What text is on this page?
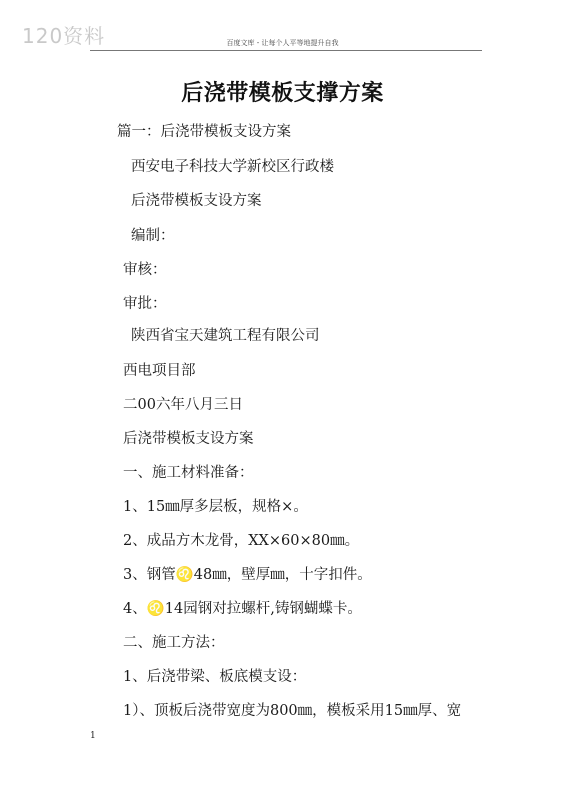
120资料	百度文库 - 让每个人平等地提升自我
后浇带模板支撑方案
篇一：后浇带模板支设方案
西安电子科技大学新校区行政楼
后浇带模板支设方案
编制：
审核：
审批：
陕西省宝天建筑工程有限公司
西电项目部
二00六年八月三日
后浇带模板支设方案
一、施工材料准备：
1、15㎜厚多层板，规格×。
2、成品方木龙骨，XX×60×80㎜。
3、钢管♌48㎜，壁厚㎜，十字扣件。
4、♌14园钢对拉螺杆,铸钢蝴蝶卡。
二、施工方法：
1、后浇带梁、板底模支设：
1）、顶板后浇带宽度为800㎜，模板采用15㎜厚、宽
1
